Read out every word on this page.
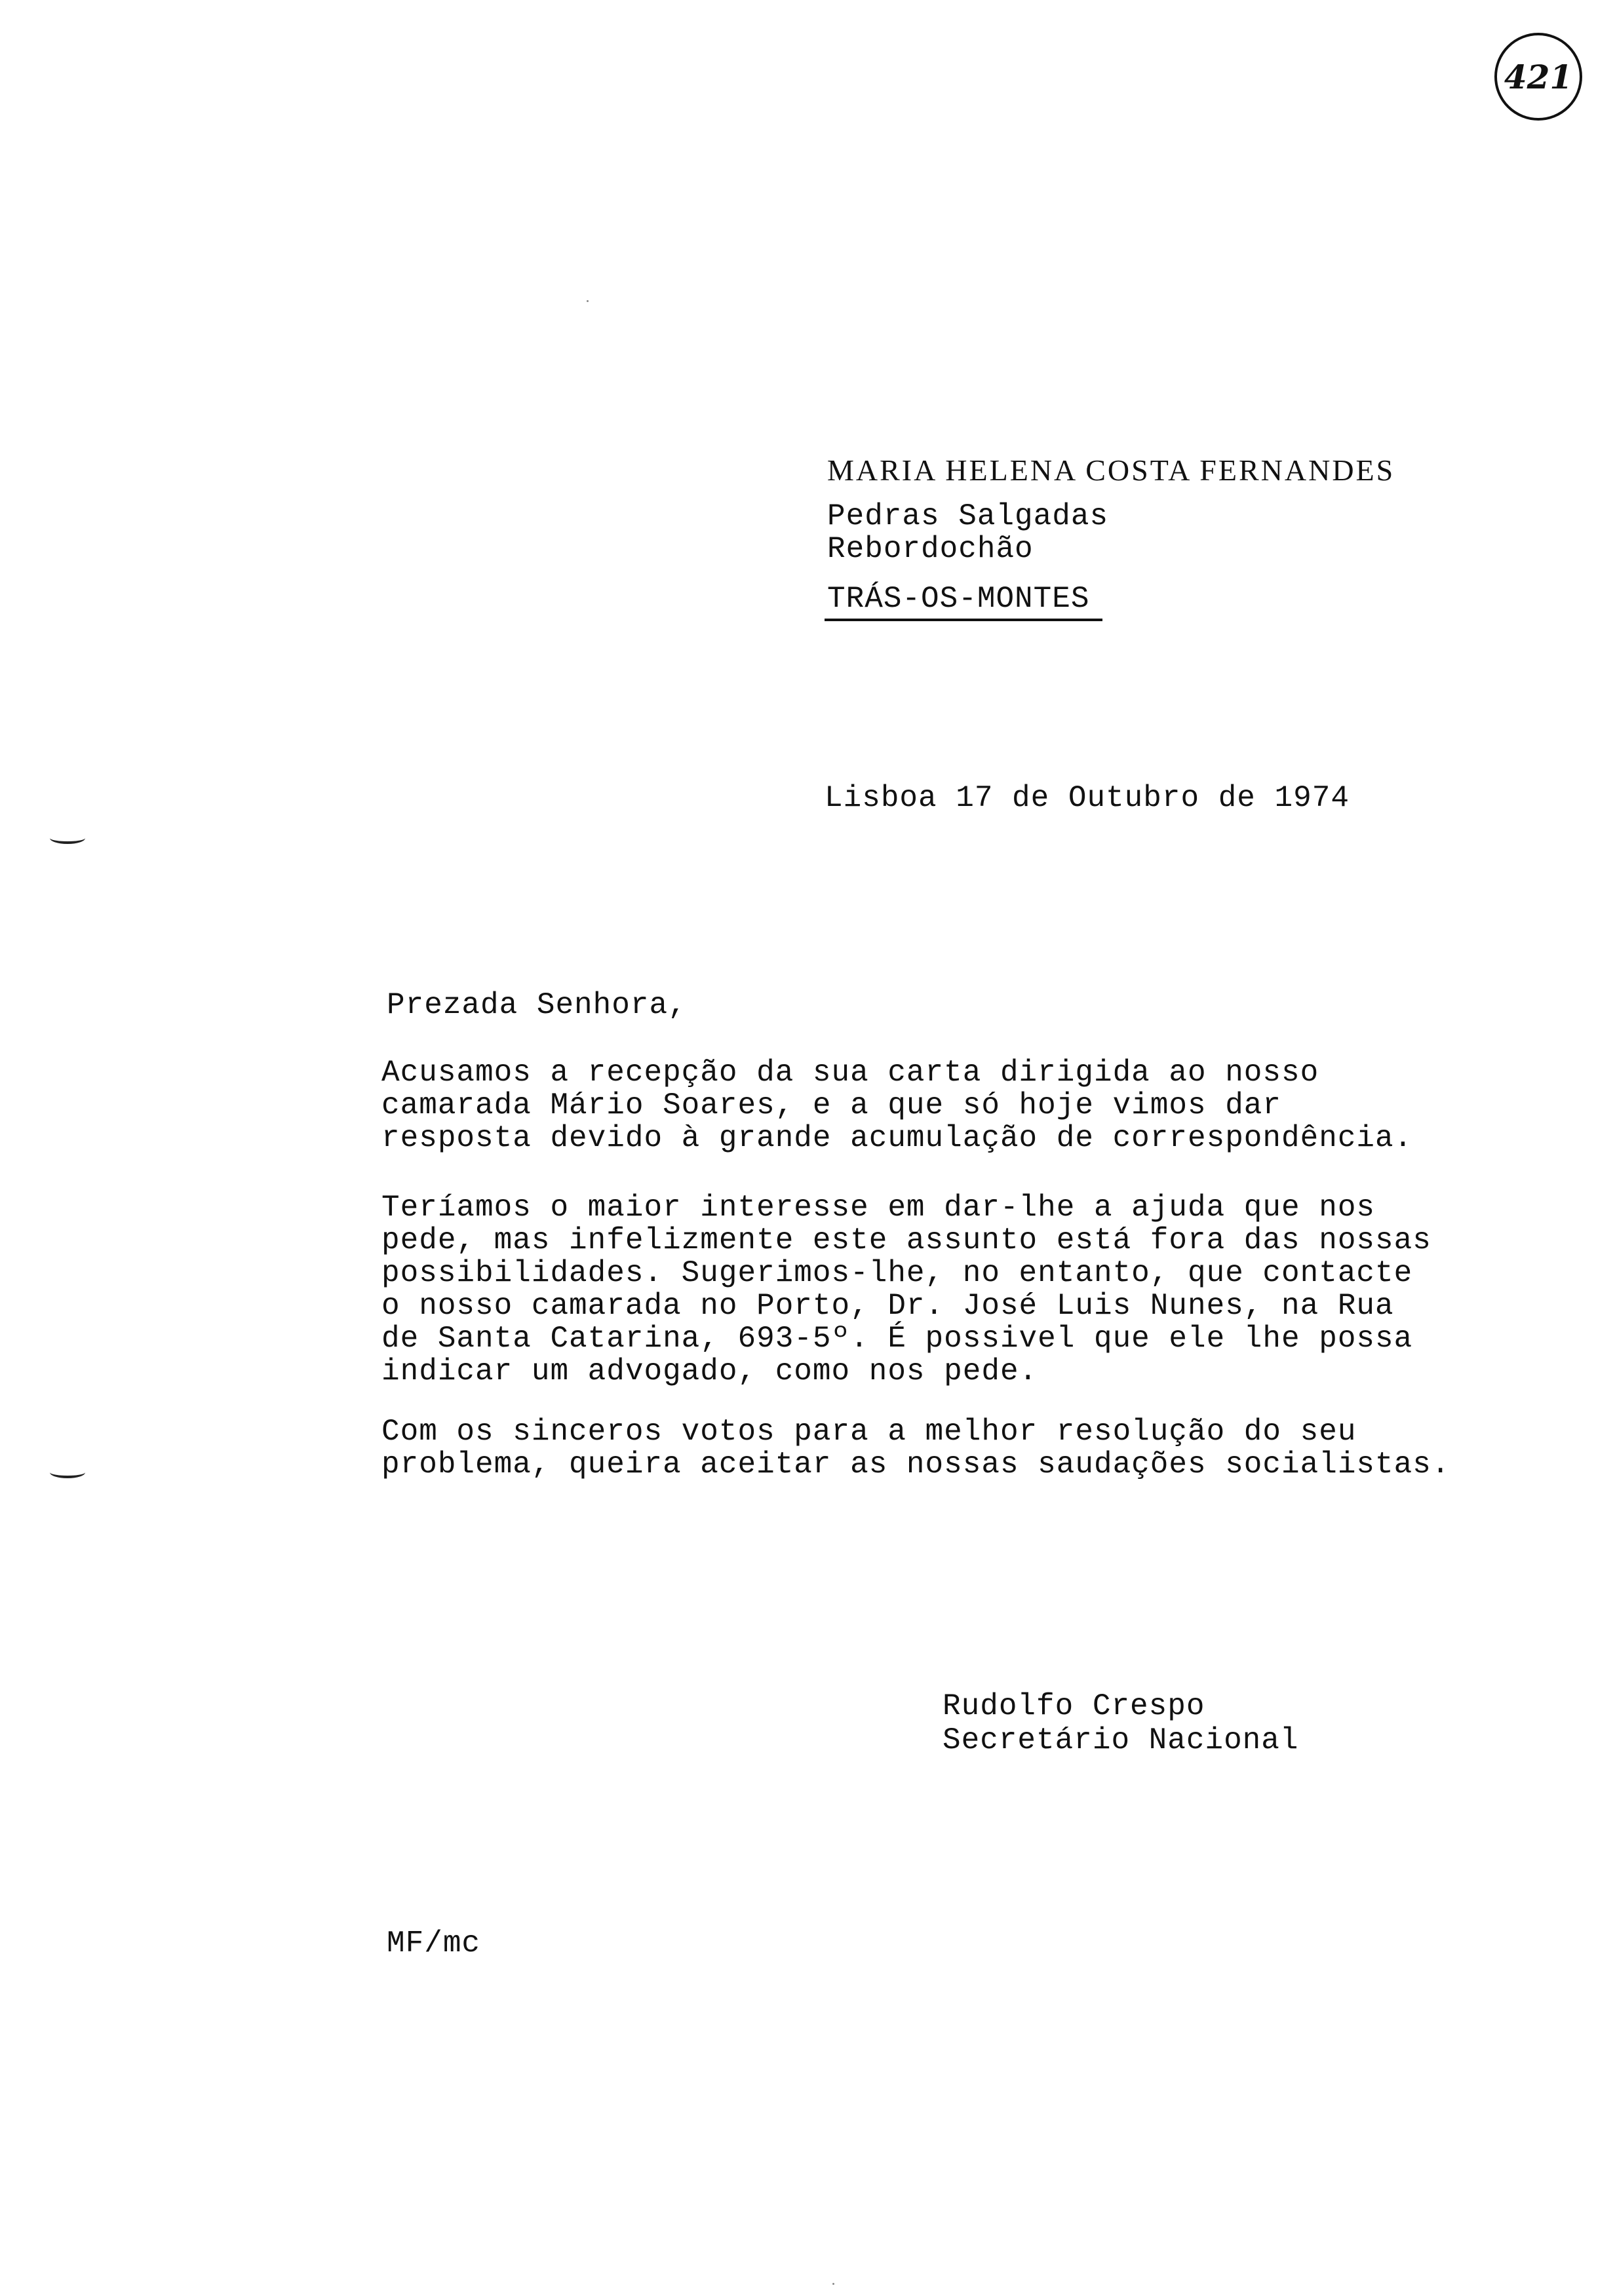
421
MARIA HELENA COSTA FERNANDES
Pedras Salgadas
Rebordochão
TRÁS-OS-MONTES
Lisboa 17 de Outubro de 1974
Prezada Senhora,
Acusamos a recepção da sua carta dirigida ao nosso
camarada Mário Soares, e a que só hoje vimos dar
resposta devido à grande acumulação de correspondência.
Teríamos o maior interesse em dar-lhe a ajuda que nos
pede, mas infelizmente este assunto está fora das nossas
possibilidades. Sugerimos-lhe, no entanto, que contacte
o nosso camarada no Porto, Dr. José Luis Nunes, na Rua
de Santa Catarina, 693-5º. É possivel que ele lhe possa
indicar um advogado, como nos pede.
Com os sinceros votos para a melhor resolução do seu
problema, queira aceitar as nossas saudações socialistas.
Rudolfo Crespo
Secretário Nacional
MF/mc
